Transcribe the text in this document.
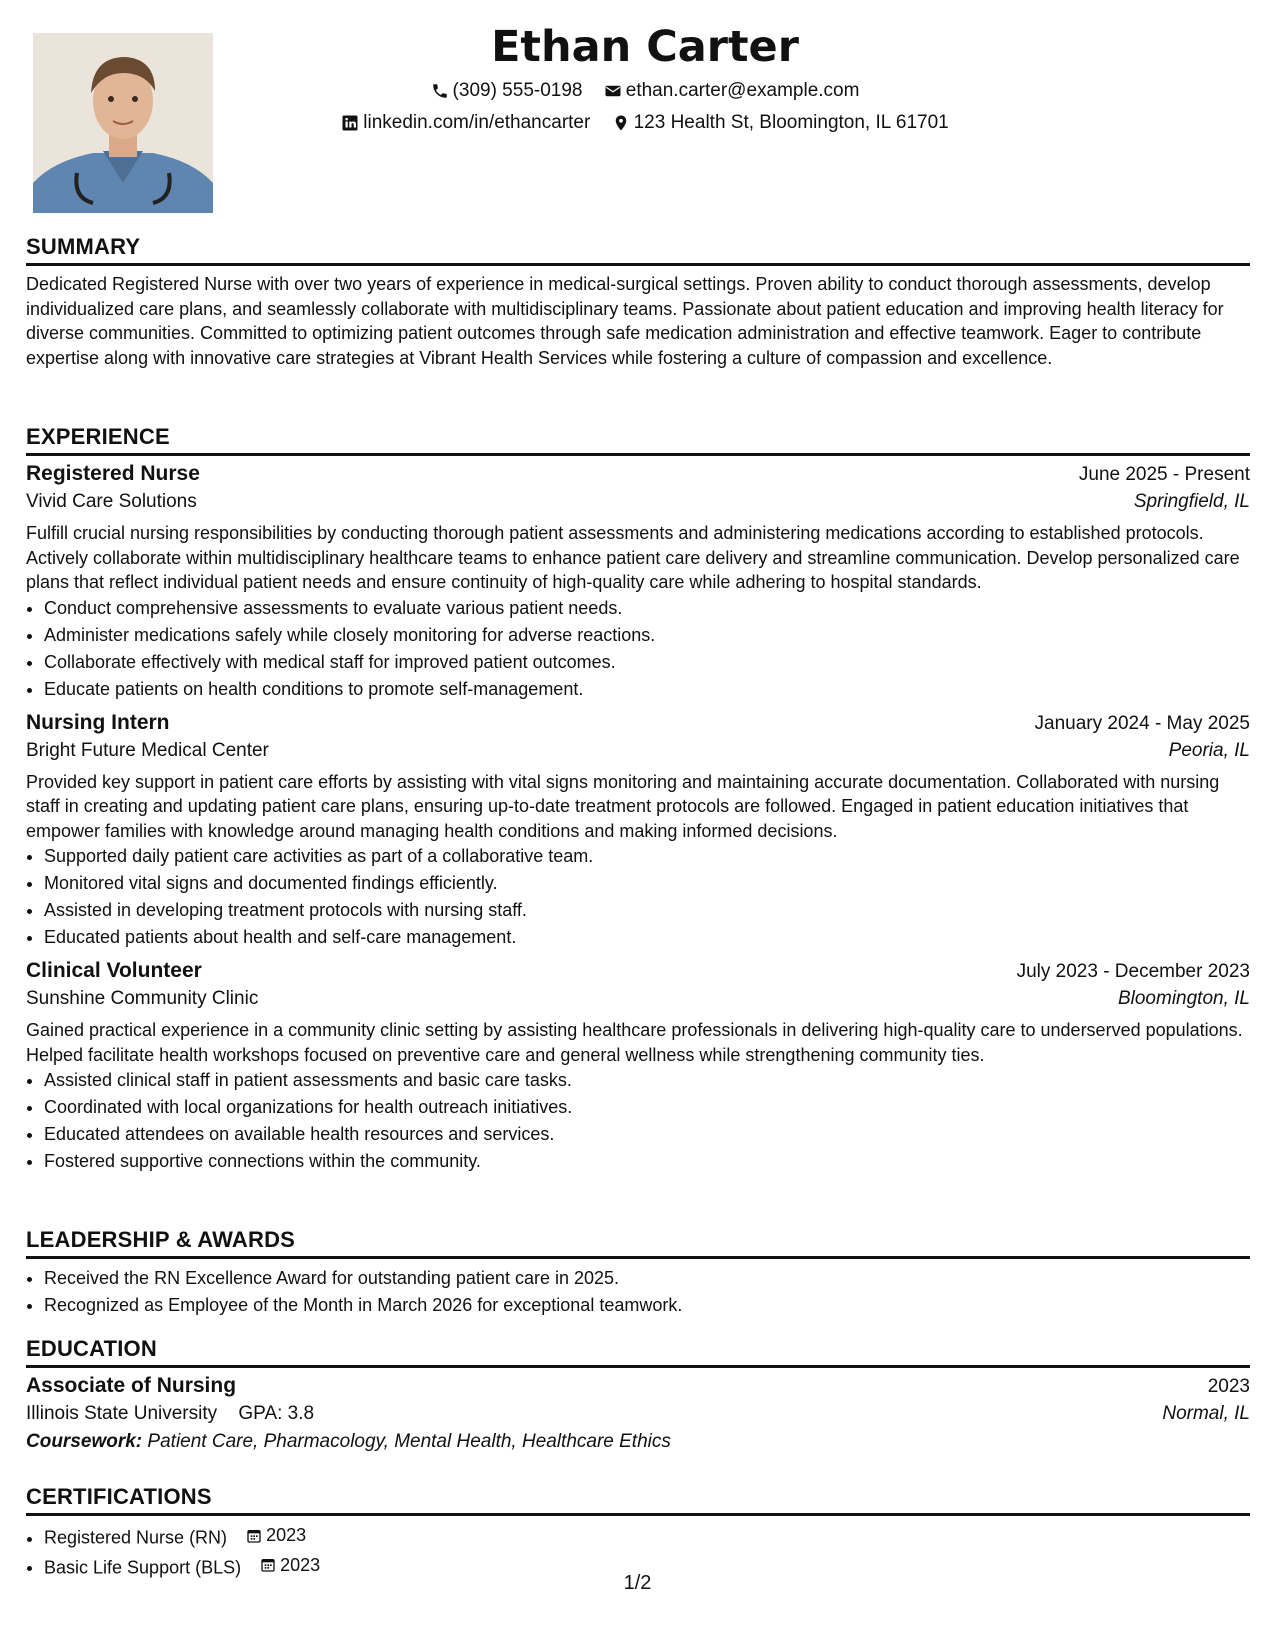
Ethan Carter
(309) 555-0198
ethan.carter@example.com
linkedin.com/in/ethancarter
123 Health St, Bloomington, IL 61701
SUMMARY

Dedicated Registered Nurse with over two years of experience in medical-surgical settings. Proven ability to conduct thorough assessments, develop individualized care plans, and seamlessly collaborate with multidisciplinary teams. Passionate about patient education and improving health literacy for diverse communities. Committed to optimizing patient outcomes through safe medication administration and effective teamwork. Eager to contribute expertise along with innovative care strategies at Vibrant Health Services while fostering a culture of compassion and excellence.

EXPERIENCE
Registered Nurse	June 2025 - Present
Vivid Care Solutions	Springfield, IL

Fulfill crucial nursing responsibilities by conducting thorough patient assessments and administering medications according to established protocols. Actively collaborate within multidisciplinary healthcare teams to enhance patient care delivery and streamline communication. Develop personalized care plans that reflect individual patient needs and ensure continuity of high-quality care while adhering to hospital standards.

• Conduct comprehensive assessments to evaluate various patient needs.
• Administer medications safely while closely monitoring for adverse reactions.
• Collaborate effectively with medical staff for improved patient outcomes.
• Educate patients on health conditions to promote self-management.
Nursing Intern	January 2024 - May 2025
Bright Future Medical Center	Peoria, IL

Provided key support in patient care efforts by assisting with vital signs monitoring and maintaining accurate documentation. Collaborated with nursing staff in creating and updating patient care plans, ensuring up-to-date treatment protocols are followed. Engaged in patient education initiatives that empower families with knowledge around managing health conditions and making informed decisions.

• Supported daily patient care activities as part of a collaborative team.
• Monitored vital signs and documented findings efficiently.
• Assisted in developing treatment protocols with nursing staff.
• Educated patients about health and self-care management.
Clinical Volunteer	July 2023 - December 2023
Sunshine Community Clinic	Bloomington, IL

Gained practical experience in a community clinic setting by assisting healthcare professionals in delivering high-quality care to underserved populations. Helped facilitate health workshops focused on preventive care and general wellness while strengthening community ties.

• Assisted clinical staff in patient assessments and basic care tasks.
• Coordinated with local organizations for health outreach initiatives.
• Educated attendees on available health resources and services.
• Fostered supportive connections within the community.
LEADERSHIP & AWARDS
• Received the RN Excellence Award for outstanding patient care in 2025.
• Recognized as Employee of the Month in March 2026 for exceptional teamwork.
EDUCATION
Associate of Nursing	2023
Illinois State University GPA: 3.8	Normal, IL
Coursework: Patient Care, Pharmacology, Mental Health, Healthcare Ethics
CERTIFICATIONS
• Registered Nurse (RN) 2023
• Basic Life Support (BLS) 2023
1/2
